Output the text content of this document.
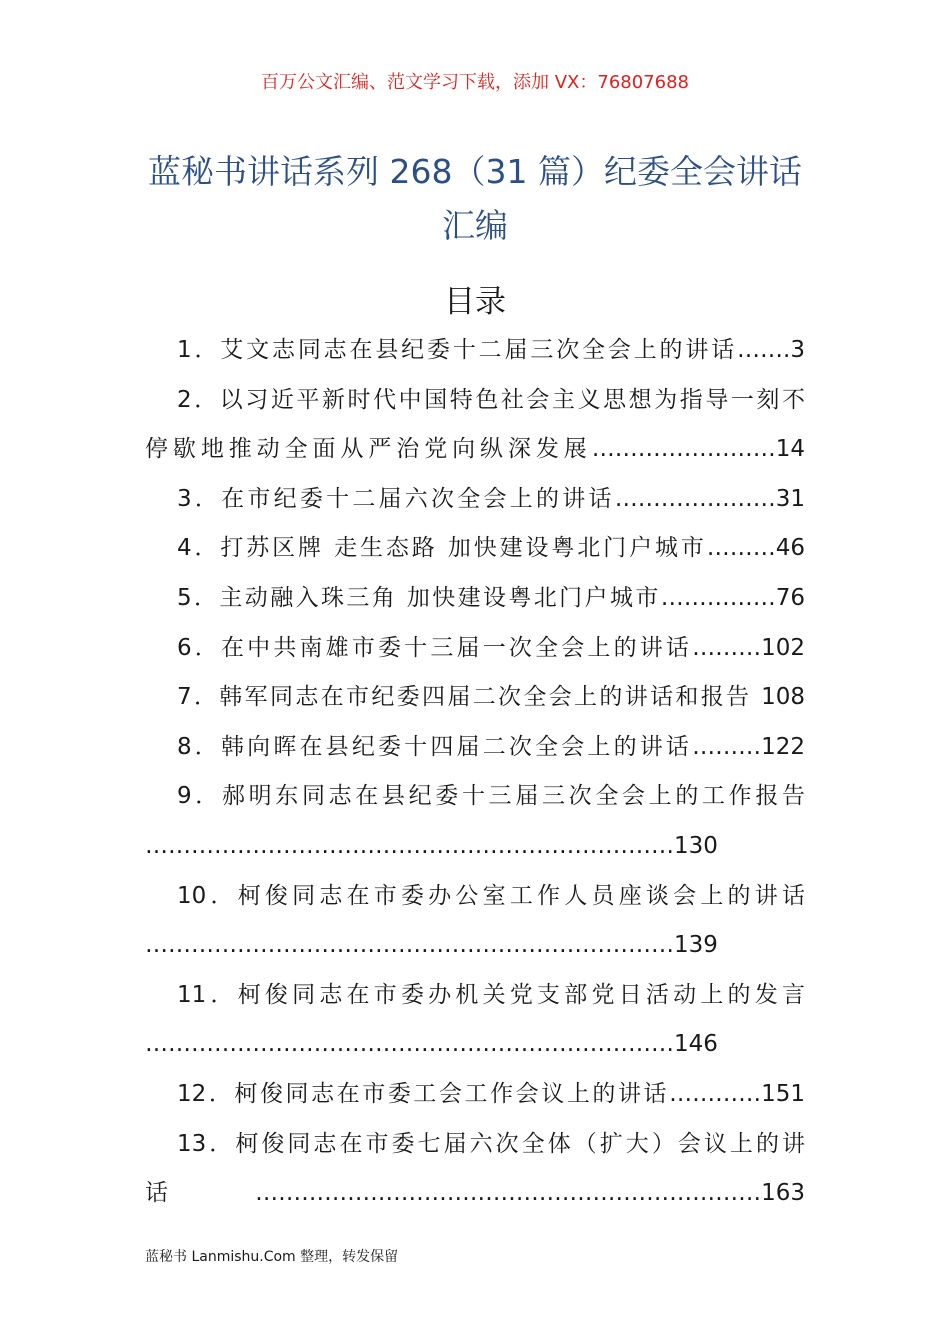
百万公文汇编、范文学习下载，添加 VX：76807688
蓝秘书讲话系列 268（31 篇）纪委全会讲话汇编
目录
1．艾文志同志在县纪委十二届三次全会上的讲话…….3
2．以习近平新时代中国特色社会主义思想为指导一刻不
停歇地推动全面从严治党向纵深发展……………………14
3．在市纪委十二届六次全会上的讲话…………………31
4．打苏区牌 走生态路 加快建设粤北门户城市………46
5．主动融入珠三角 加快建设粤北门户城市……………76
6．在中共南雄市委十三届一次全会上的讲话………102
7．韩军同志在市纪委四届二次全会上的讲话和报告 108
8．韩向晖在县纪委十四届二次全会上的讲话………122
9．郝明东同志在县纪委十三届三次全会上的工作报告
……………………………………………………………130
10．柯俊同志在市委办公室工作人员座谈会上的讲话
……………………………………………………………139
11．柯俊同志在市委办机关党支部党日活动上的发言
……………………………………………………………146
12．柯俊同志在市委工会工作会议上的讲话…………151
13．柯俊同志在市委七届六次全体（扩大）会议上的讲
话…………………………………………………………163
蓝秘书 Lanmishu.Com 整理，转发保留
